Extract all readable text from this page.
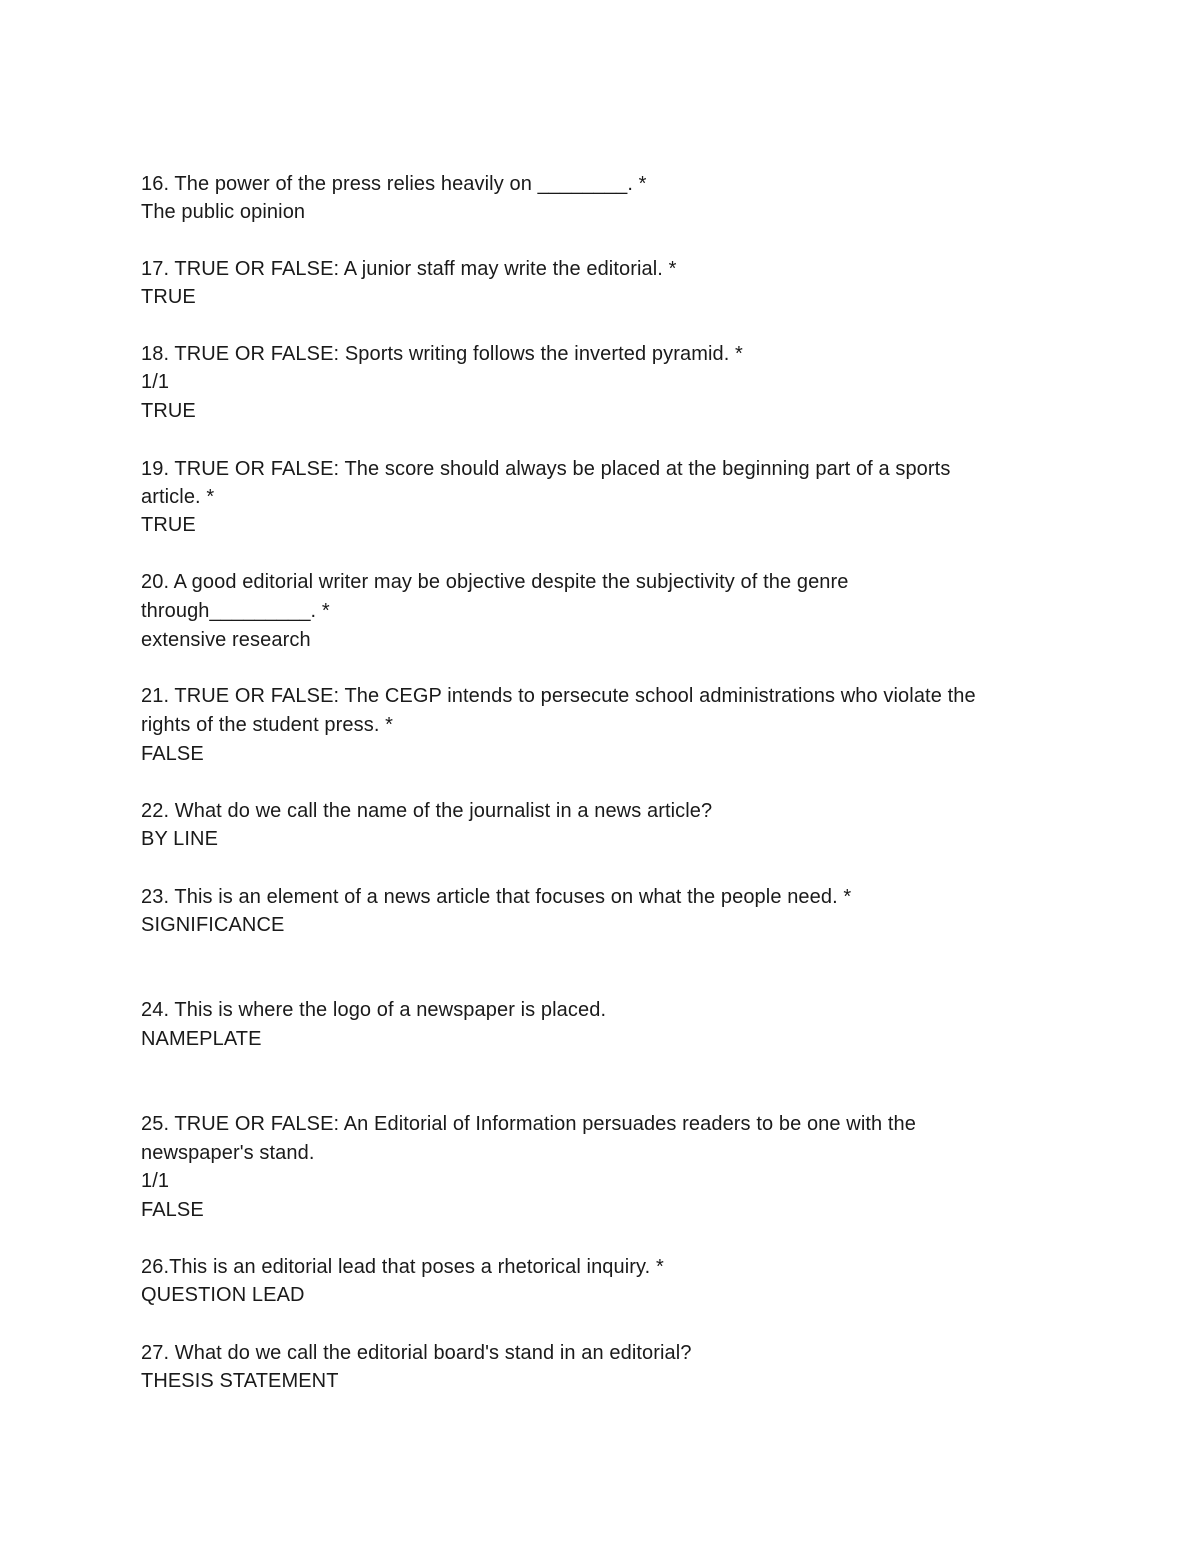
16. The power of the press relies heavily on ________. *
The public opinion
17. TRUE OR FALSE: A junior staff may write the editorial. *
TRUE
18. TRUE OR FALSE: Sports writing follows the inverted pyramid. *
1/1
TRUE
19. TRUE OR FALSE: The score should always be placed at the beginning part of a sports
article. *
TRUE
20. A good editorial writer may be objective despite the subjectivity of the genre
through_________. *
extensive research
21. TRUE OR FALSE: The CEGP intends to persecute school administrations who violate the
rights of the student press. *
FALSE
22. What do we call the name of the journalist in a news article?
BY LINE
23. This is an element of a news article that focuses on what the people need. *
SIGNIFICANCE
24. This is where the logo of a newspaper is placed.
NAMEPLATE
25. TRUE OR FALSE: An Editorial of Information persuades readers to be one with the
newspaper's stand.
1/1
FALSE
26.This is an editorial lead that poses a rhetorical inquiry. *
QUESTION LEAD
27. What do we call the editorial board's stand in an editorial?
THESIS STATEMENT
